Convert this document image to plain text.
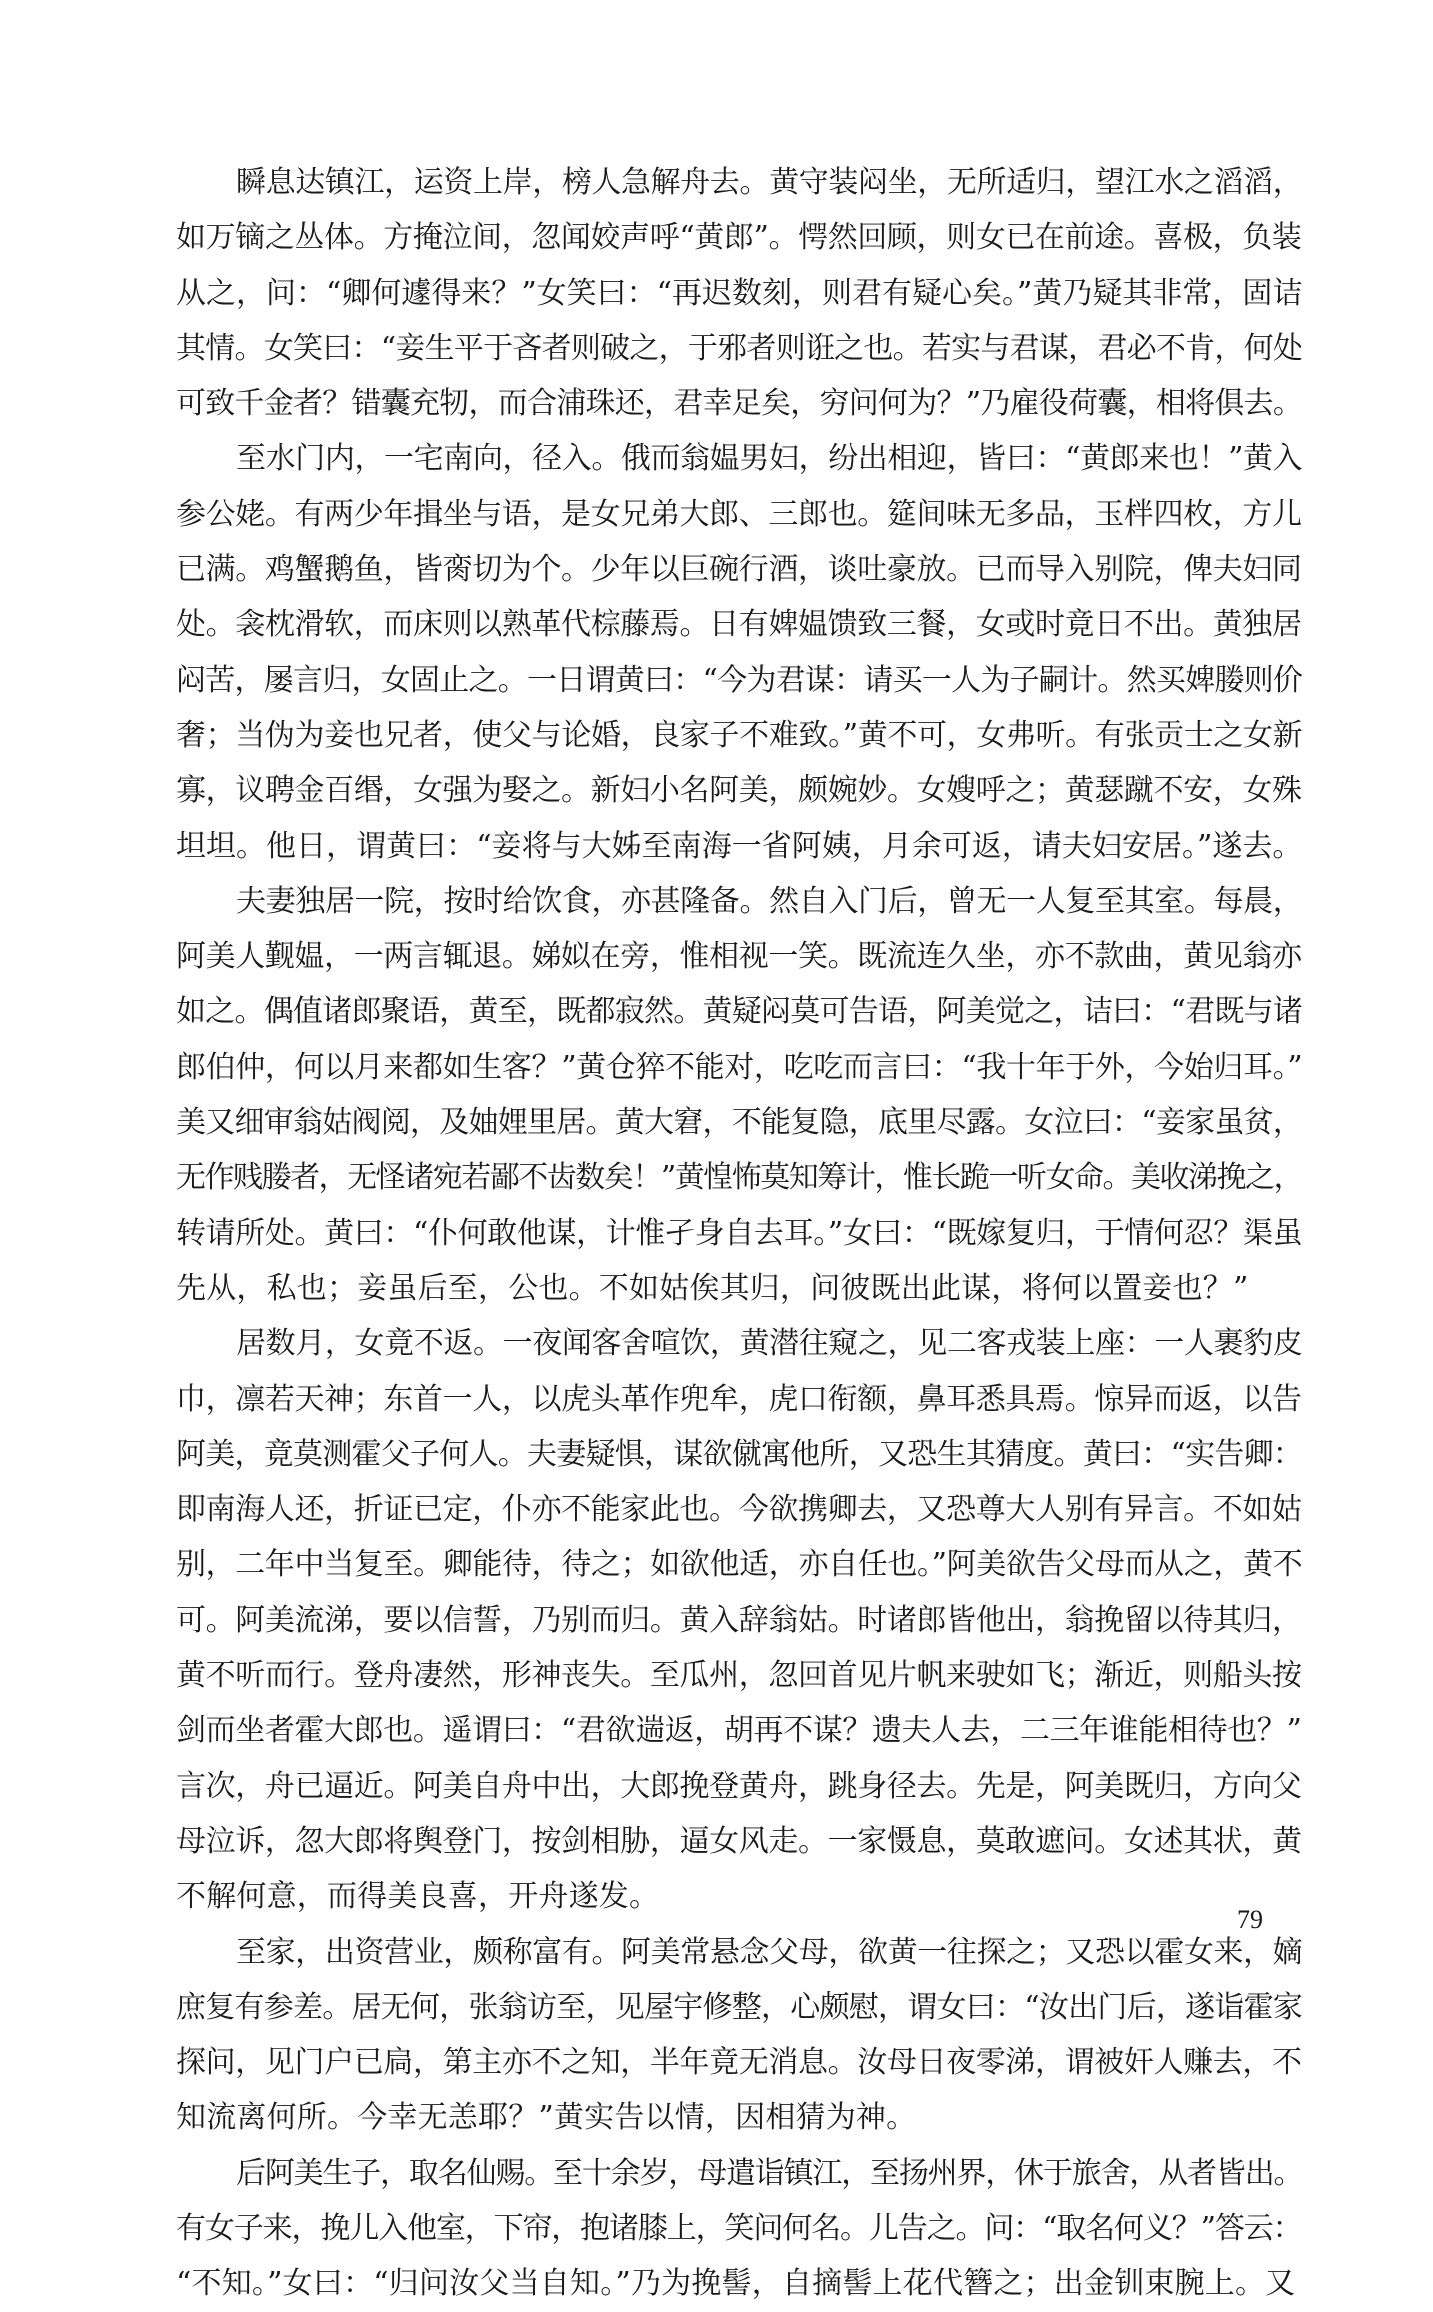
瞬息达镇江，运资上岸，榜人急解舟去。黄守装闷坐，无所适归，望江水之滔滔，
如万镝之丛体。方掩泣间，忽闻姣声呼“黄郎”。愕然回顾，则女已在前途。喜极，负装
从之，问：“卿何遽得来？”女笑曰：“再迟数刻，则君有疑心矣。”黄乃疑其非常，固诘
其情。女笑曰：“妾生平于吝者则破之，于邪者则诳之也。若实与君谋，君必不肯，何处
可致千金者？错囊充牣，而合浦珠还，君幸足矣，穷问何为？”乃雇役荷囊，相将俱去。
至水门内，一宅南向，径入。俄而翁媪男妇，纷出相迎，皆曰：“黄郎来也！”黄入
参公姥。有两少年揖坐与语，是女兄弟大郎、三郎也。筵间味无多品，玉柈四枚，方儿
已满。鸡蟹鹅鱼，皆脔切为个。少年以巨碗行酒，谈吐豪放。已而导入别院，俾夫妇同
处。衾枕滑软，而床则以熟革代棕藤焉。日有婢媪馈致三餐，女或时竟日不出。黄独居
闷苦，屡言归，女固止之。一日谓黄曰：“今为君谋：请买一人为子嗣计。然买婢媵则价
奢；当伪为妾也兄者，使父与论婚，良家子不难致。”黄不可，女弗听。有张贡士之女新
寡，议聘金百缗，女强为娶之。新妇小名阿美，颇婉妙。女嫂呼之；黄瑟蹴不安，女殊
坦坦。他日，谓黄曰：“妾将与大姊至南海一省阿姨，月余可返，请夫妇安居。”遂去。
夫妻独居一院，按时给饮食，亦甚隆备。然自入门后，曾无一人复至其室。每晨，
阿美人觐媪，一两言辄退。娣姒在旁，惟相视一笑。既流连久坐，亦不款曲，黄见翁亦
如之。偶值诸郎聚语，黄至，既都寂然。黄疑闷莫可告语，阿美觉之，诘曰：“君既与诸
郎伯仲，何以月来都如生客？”黄仓猝不能对，吃吃而言曰：“我十年于外，今始归耳。”
美又细审翁姑阀阅，及妯娌里居。黄大窘，不能复隐，底里尽露。女泣曰：“妾家虽贫，
无作贱媵者，无怪诸宛若鄙不齿数矣！”黄惶怖莫知筹计，惟长跪一听女命。美收涕挽之，
转请所处。黄曰：“仆何敢他谋，计惟孑身自去耳。”女曰：“既嫁复归，于情何忍？渠虽
先从，私也；妾虽后至，公也。不如姑俟其归，问彼既出此谋，将何以置妾也？”
居数月，女竟不返。一夜闻客舍喧饮，黄潜往窥之，见二客戎装上座：一人裹豹皮
巾，凛若天神；东首一人，以虎头革作兜牟，虎口衔额，鼻耳悉具焉。惊异而返，以告
阿美，竟莫测霍父子何人。夫妻疑惧，谋欲僦寓他所，又恐生其猜度。黄曰：“实告卿：
即南海人还，折证已定，仆亦不能家此也。今欲携卿去，又恐尊大人别有异言。不如姑
别，二年中当复至。卿能待，待之；如欲他适，亦自任也。”阿美欲告父母而从之，黄不
可。阿美流涕，要以信誓，乃别而归。黄入辞翁姑。时诸郎皆他出，翁挽留以待其归，
黄不听而行。登舟凄然，形神丧失。至瓜州，忽回首见片帆来驶如飞；渐近，则船头按
剑而坐者霍大郎也。遥谓曰：“君欲遄返，胡再不谋？遗夫人去，二三年谁能相待也？”
言次，舟已逼近。阿美自舟中出，大郎挽登黄舟，跳身径去。先是，阿美既归，方向父
母泣诉，忽大郎将舆登门，按剑相胁，逼女风走。一家慑息，莫敢遮问。女述其状，黄
不解何意，而得美良喜，开舟遂发。
至家，出资营业，颇称富有。阿美常悬念父母，欲黄一往探之；又恐以霍女来，嫡
庶复有参差。居无何，张翁访至，见屋宇修整，心颇慰，谓女曰：“汝出门后，遂诣霍家
探问，见门户已扃，第主亦不之知，半年竟无消息。汝母日夜零涕，谓被奸人赚去，不
知流离何所。今幸无恙耶？”黄实告以情，因相猜为神。
后阿美生子，取名仙赐。至十余岁，母遣诣镇江，至扬州界，休于旅舍，从者皆出。
有女子来，挽儿入他室，下帘，抱诸膝上，笑问何名。儿告之。问：“取名何义？”答云：
“不知。”女曰：“归问汝父当自知。”乃为挽髻，自摘髻上花代簪之；出金钏束腕上。又
79
